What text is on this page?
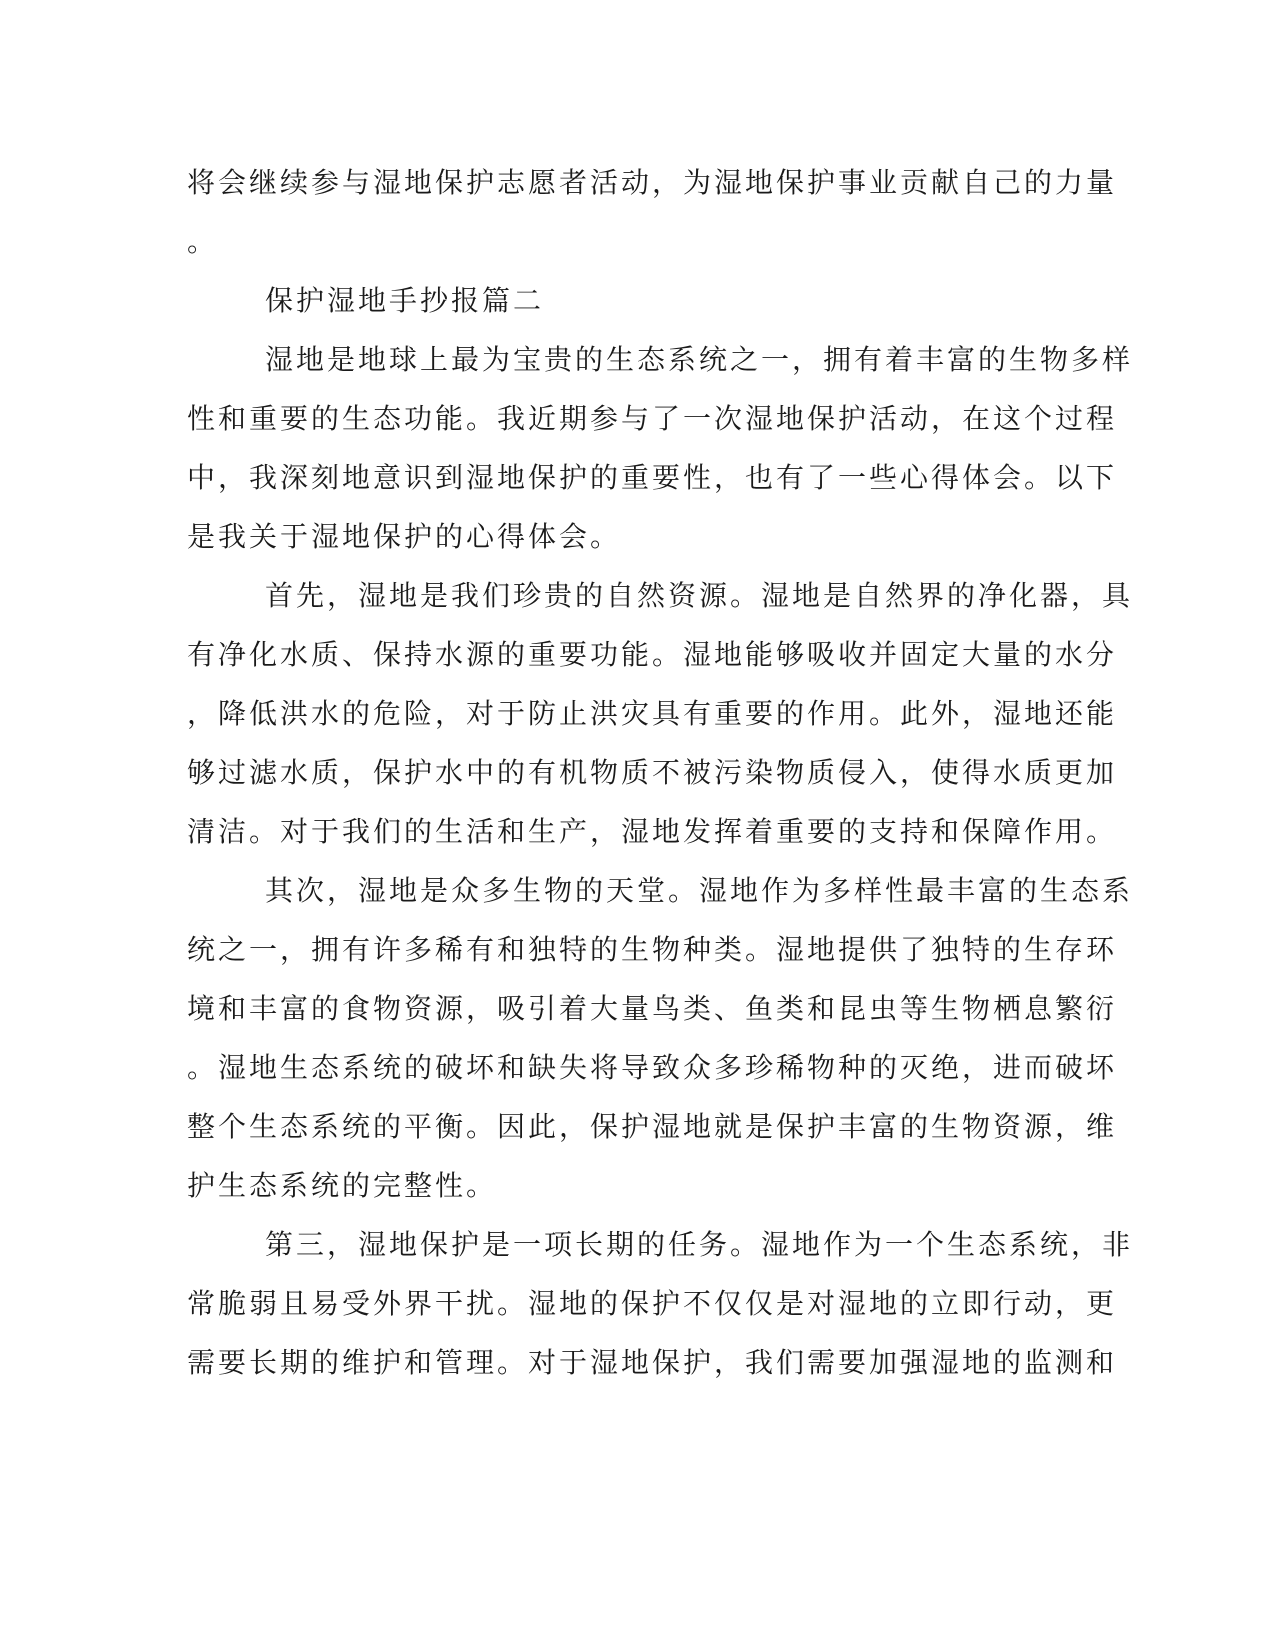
将会继续参与湿地保护志愿者活动，为湿地保护事业贡献自己的力量
。
保护湿地手抄报篇二
湿地是地球上最为宝贵的生态系统之一，拥有着丰富的生物多样
性和重要的生态功能。我近期参与了一次湿地保护活动，在这个过程
中，我深刻地意识到湿地保护的重要性，也有了一些心得体会。以下
是我关于湿地保护的心得体会。
首先，湿地是我们珍贵的自然资源。湿地是自然界的净化器，具
有净化水质、保持水源的重要功能。湿地能够吸收并固定大量的水分
，降低洪水的危险，对于防止洪灾具有重要的作用。此外，湿地还能
够过滤水质，保护水中的有机物质不被污染物质侵入，使得水质更加
清洁。对于我们的生活和生产，湿地发挥着重要的支持和保障作用。
其次，湿地是众多生物的天堂。湿地作为多样性最丰富的生态系
统之一，拥有许多稀有和独特的生物种类。湿地提供了独特的生存环
境和丰富的食物资源，吸引着大量鸟类、鱼类和昆虫等生物栖息繁衍
。湿地生态系统的破坏和缺失将导致众多珍稀物种的灭绝，进而破坏
整个生态系统的平衡。因此，保护湿地就是保护丰富的生物资源，维
护生态系统的完整性。
第三，湿地保护是一项长期的任务。湿地作为一个生态系统，非
常脆弱且易受外界干扰。湿地的保护不仅仅是对湿地的立即行动，更
需要长期的维护和管理。对于湿地保护，我们需要加强湿地的监测和
